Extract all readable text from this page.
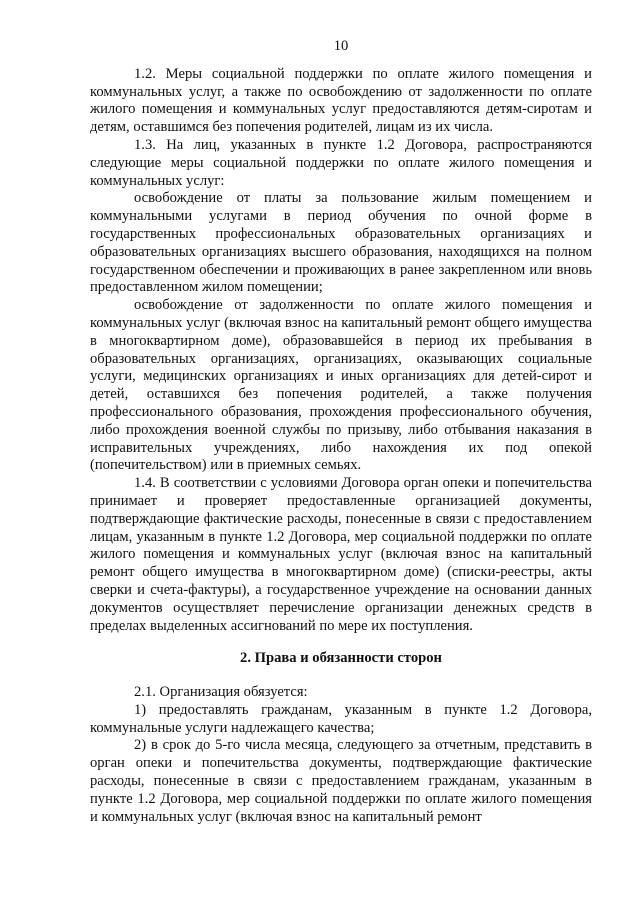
10

1.2. Меры социальной поддержки по оплате жилого помещения и коммунальных услуг, а также по освобождению от задолженности по оплате жилого помещения и коммунальных услуг предоставляются детям-сиротам и детям, оставшимся без попечения родителей, лицам из их числа.

1.3. На лиц, указанных в пункте 1.2 Договора, распространяются следующие меры социальной поддержки по оплате жилого помещения и коммунальных услуг:

освобождение от платы за пользование жилым помещением и коммунальными услугами в период обучения по очной форме в государственных профессиональных образовательных организациях и образовательных организациях высшего образования, находящихся на полном государственном обеспечении и проживающих в ранее закрепленном или вновь предоставленном жилом помещении;

освобождение от задолженности по оплате жилого помещения и коммунальных услуг (включая взнос на капитальный ремонт общего имущества в многоквартирном доме), образовавшейся в период их пребывания в образовательных организациях, организациях, оказывающих социальные услуги, медицинских организациях и иных организациях для детей-сирот и детей, оставшихся без попечения родителей, а также получения профессионального образования, прохождения профессионального обучения, либо прохождения военной службы по призыву, либо отбывания наказания в исправительных учреждениях, либо нахождения их под опекой (попечительством) или в приемных семьях.

1.4. В соответствии с условиями Договора орган опеки и попечительства принимает и проверяет предоставленные организацией документы, подтверждающие фактические расходы, понесенные в связи с предоставлением лицам, указанным в пункте 1.2 Договора, мер социальной поддержки по оплате жилого помещения и коммунальных услуг (включая взнос на капитальный ремонт общего имущества в многоквартирном доме) (списки-реестры, акты сверки и счета-фактуры), а государственное учреждение на основании данных документов осуществляет перечисление организации денежных средств в пределах выделенных ассигнований по мере их поступления.

2. Права и обязанности сторон

2.1. Организация обязуется:

1) предоставлять гражданам, указанным в пункте 1.2 Договора, коммунальные услуги надлежащего качества;

2) в срок до 5-го числа месяца, следующего за отчетным, представить в орган опеки и попечительства документы, подтверждающие фактические расходы, понесенные в связи с предоставлением гражданам, указанным в пункте 1.2 Договора, мер социальной поддержки по оплате жилого помещения и коммунальных услуг (включая взнос на капитальный ремонт
